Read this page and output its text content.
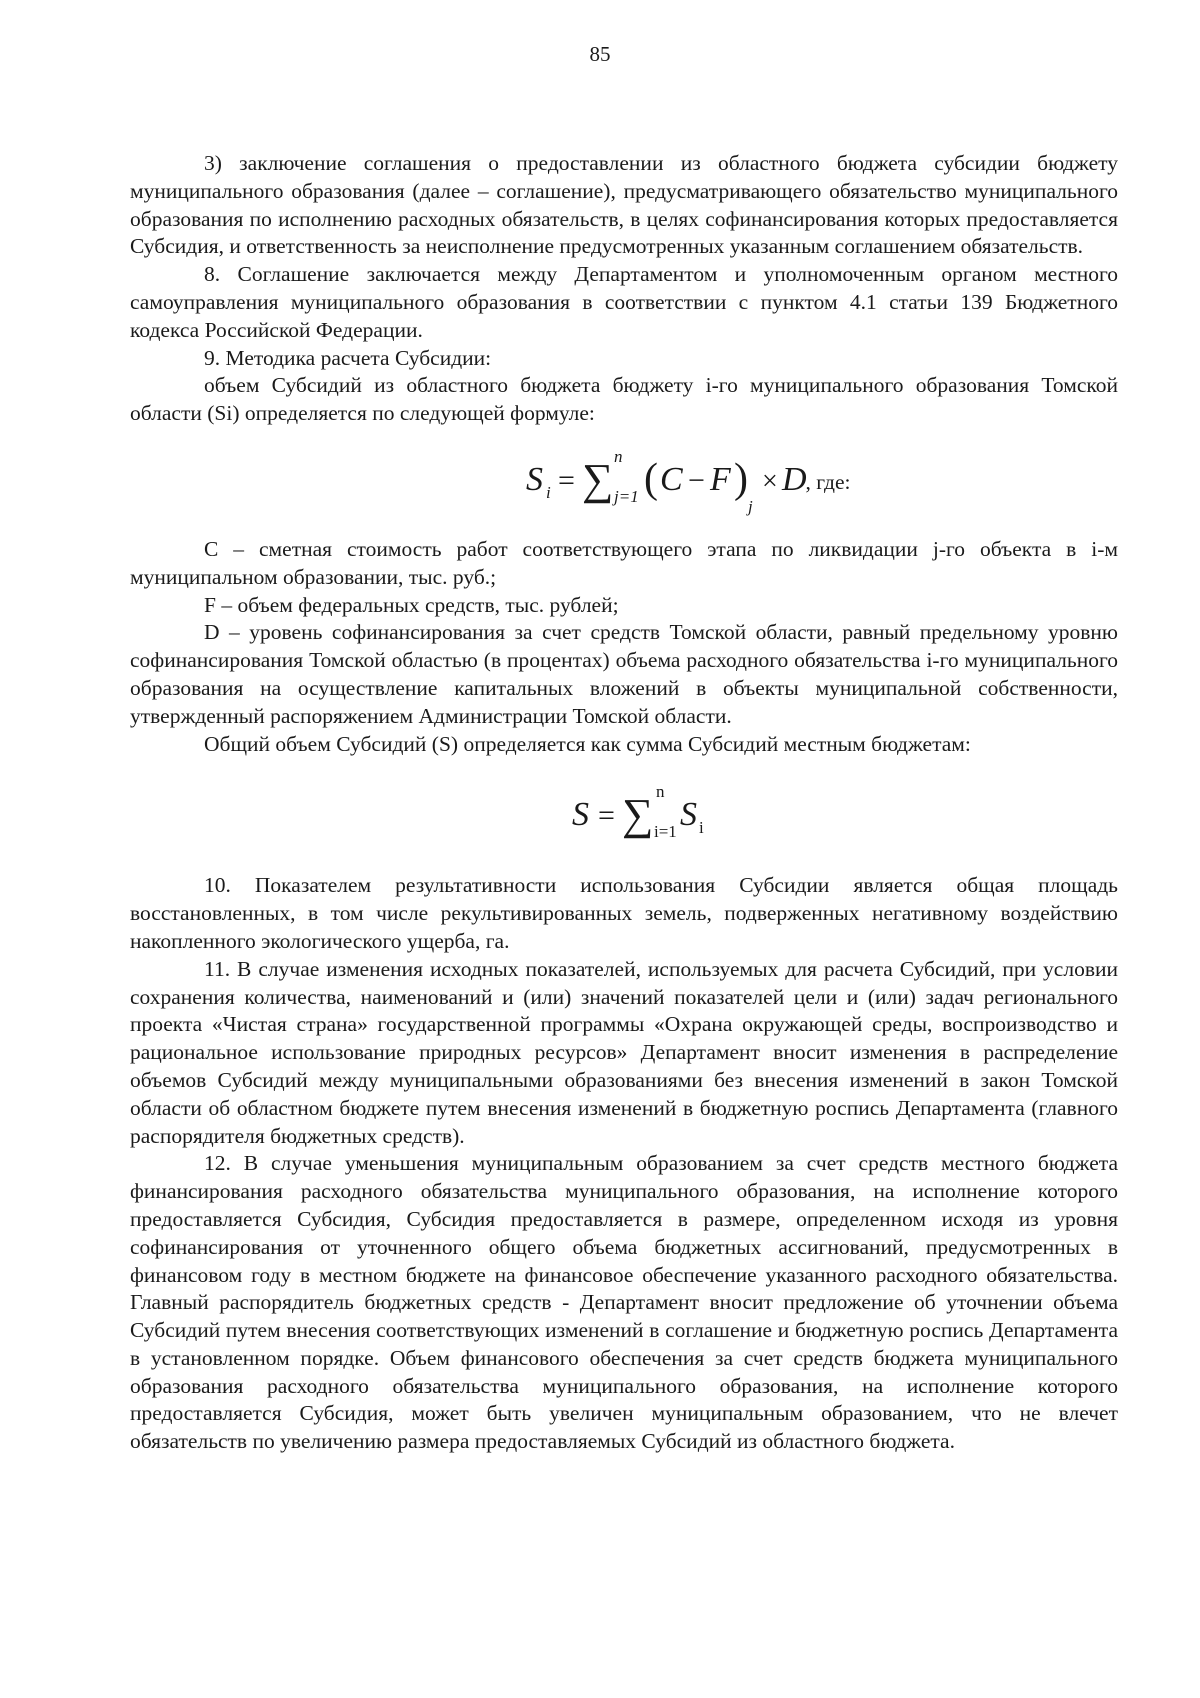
85

3) заключение соглашения о предоставлении из областного бюджета субсидии бюджету муниципального образования (далее – соглашение), предусматривающего обязательство муниципального образования по исполнению расходных обязательств, в целях софинансирования которых предоставляется Субсидия, и ответственность за неисполнение предусмотренных указанным соглашением обязательств.

8. Соглашение заключается между Департаментом и уполномоченным органом местного самоуправления муниципального образования в соответствии с пунктом 4.1 статьи 139 Бюджетного кодекса Российской Федерации.

9. Методика расчета Субсидии:

объем Субсидий из областного бюджета бюджету i-го муниципального образования Томской области (Si) определяется по следующей формуле:

S i = ∑ n
j=1 ( C − F )
j
× D , где:

С – сметная стоимость работ соответствующего этапа по ликвидации j-го объекта в i-м муниципальном образовании, тыс. руб.;

F – объем федеральных средств, тыс. рублей;

D – уровень софинансирования за счет средств Томской области, равный предельному уровню софинансирования Томской областью (в процентах) объема расходного обязательства i-го муниципального образования на осуществление капитальных вложений в объекты муниципальной собственности, утвержденный распоряжением Администрации Томской области.

Общий объем Субсидий (S) определяется как сумма Субсидий местным бюджетам:

S = ∑ n
i=1 S i

10. Показателем результативности использования Субсидии является общая площадь восстановленных, в том числе рекультивированных земель, подверженных негативному воздействию накопленного экологического ущерба, га.

11. В случае изменения исходных показателей, используемых для расчета Субсидий, при условии сохранения количества, наименований и (или) значений показателей цели и (или) задач регионального проекта «Чистая страна» государственной программы «Охрана окружающей среды, воспроизводство и рациональное использование природных ресурсов» Департамент вносит изменения в распределение объемов Субсидий между муниципальными образованиями без внесения изменений в закон Томской области об областном бюджете путем внесения изменений в бюджетную роспись Департамента (главного распорядителя бюджетных средств).

12. В случае уменьшения муниципальным образованием за счет средств местного бюджета финансирования расходного обязательства муниципального образования, на исполнение которого предоставляется Субсидия, Субсидия предоставляется в размере, определенном исходя из уровня софинансирования от уточненного общего объема бюджетных ассигнований, предусмотренных в финансовом году в местном бюджете на финансовое обеспечение указанного расходного обязательства. Главный распорядитель бюджетных средств - Департамент вносит предложение об уточнении объема Субсидий путем внесения соответствующих изменений в соглашение и бюджетную роспись Департамента в установленном порядке. Объем финансового обеспечения за счет средств бюджета муниципального образования расходного обязательства муниципального образования, на исполнение которого предоставляется Субсидия, может быть увеличен муниципальным образованием, что не влечет обязательств по увеличению размера предоставляемых Субсидий из областного бюджета.
